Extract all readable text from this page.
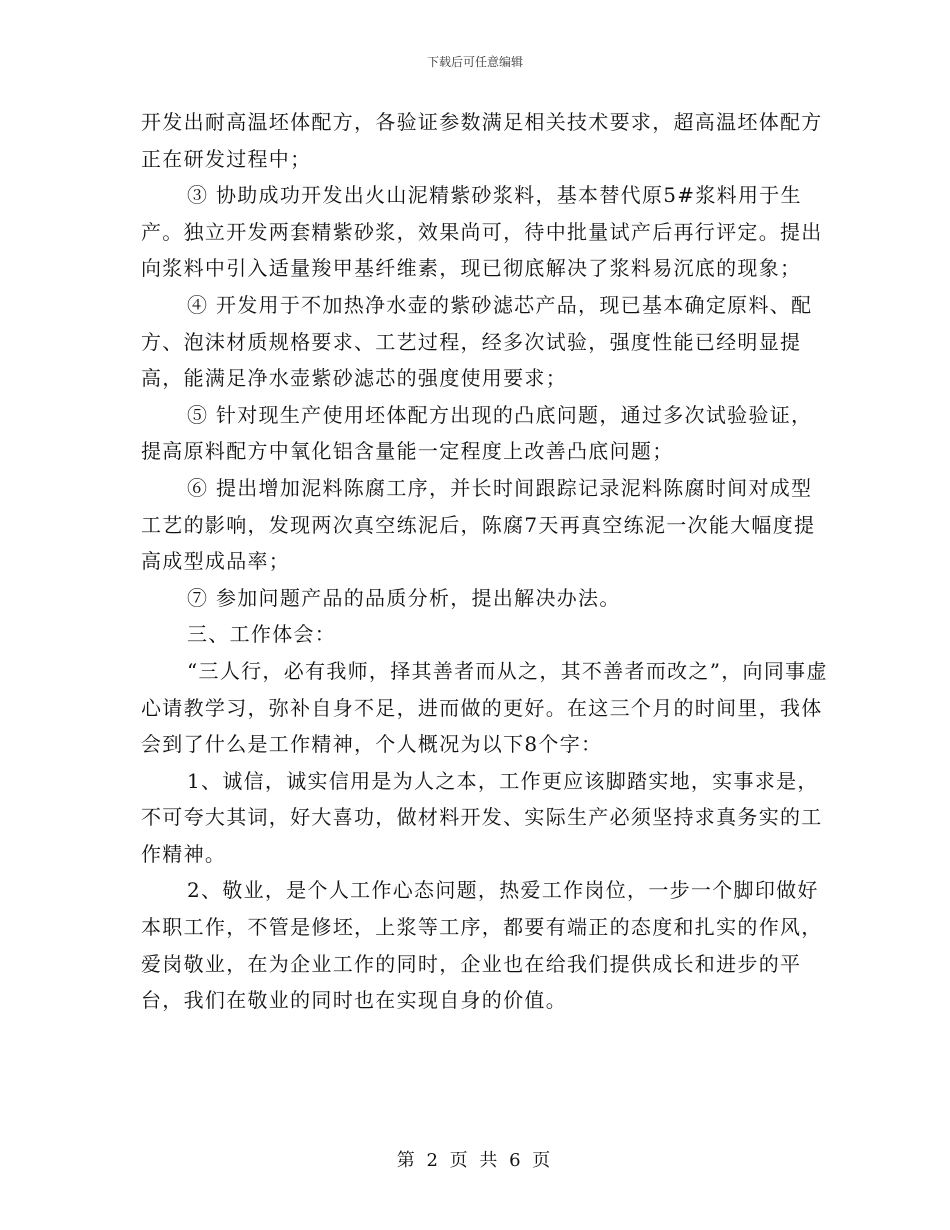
下载后可任意编辑

开发出耐高温坯体配方，各验证参数满足相关技术要求，超高温坯体配方正在研发过程中；

③ 协助成功开发出火山泥精紫砂浆料，基本替代原5#浆料用于生产。独立开发两套精紫砂浆，效果尚可，待中批量试产后再行评定。提出向浆料中引入适量羧甲基纤维素，现已彻底解决了浆料易沉底的现象；

④ 开发用于不加热净水壶的紫砂滤芯产品，现已基本确定原料、配方、泡沫材质规格要求、工艺过程，经多次试验，强度性能已经明显提高，能满足净水壶紫砂滤芯的强度使用要求；

⑤ 针对现生产使用坯体配方出现的凸底问题，通过多次试验验证，提高原料配方中氧化铝含量能一定程度上改善凸底问题；

⑥ 提出增加泥料陈腐工序，并长时间跟踪记录泥料陈腐时间对成型工艺的影响，发现两次真空练泥后，陈腐7天再真空练泥一次能大幅度提高成型成品率；

⑦ 参加问题产品的品质分析，提出解决办法。

三、工作体会：

“三人行，必有我师，择其善者而从之，其不善者而改之”，向同事虚心请教学习，弥补自身不足，进而做的更好。在这三个月的时间里，我体会到了什么是工作精神，个人概况为以下8个字：

1、诚信，诚实信用是为人之本，工作更应该脚踏实地，实事求是，不可夸大其词，好大喜功，做材料开发、实际生产必须坚持求真务实的工作精神。

2、敬业，是个人工作心态问题，热爱工作岗位，一步一个脚印做好本职工作，不管是修坯，上浆等工序，都要有端正的态度和扎实的作风，爱岗敬业，在为企业工作的同时，企业也在给我们提供成长和进步的平台，我们在敬业的同时也在实现自身的价值。

第 2 页 共 6 页
